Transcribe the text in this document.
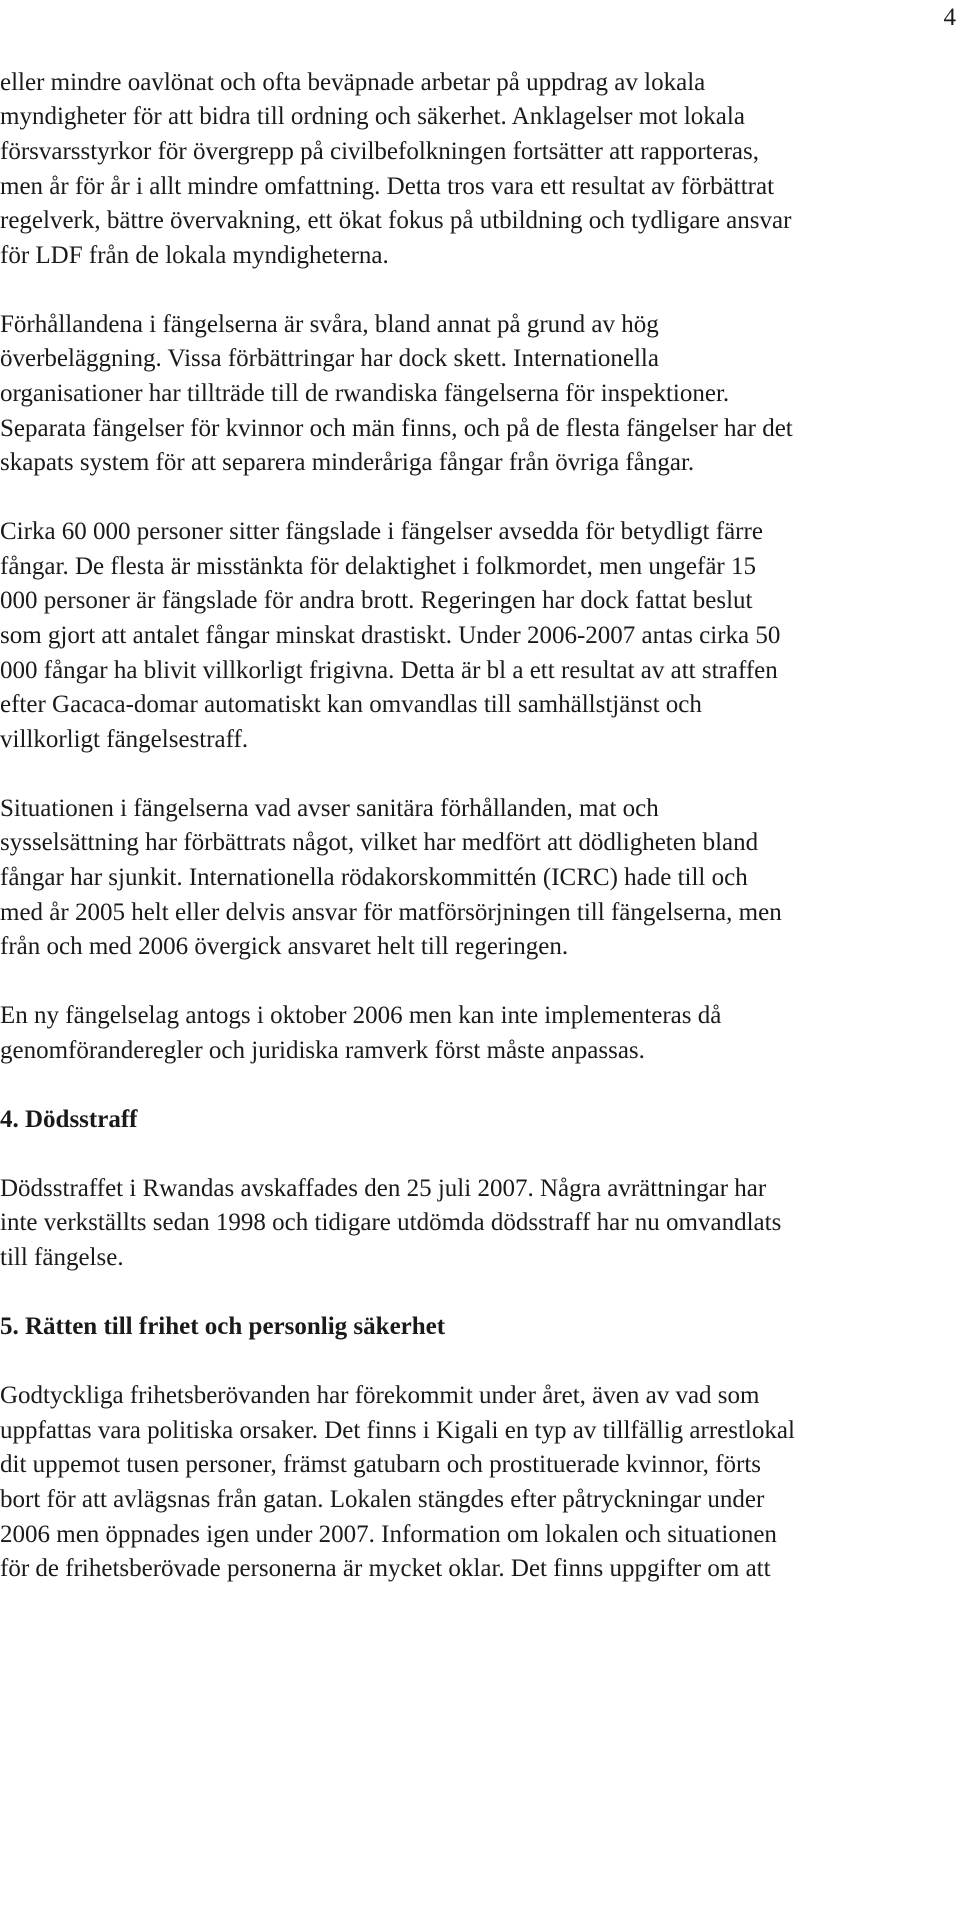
4
eller mindre oavlönat och ofta beväpnade arbetar på uppdrag av lokala
myndigheter för att bidra till ordning och säkerhet. Anklagelser mot lokala
försvarsstyrkor för övergrepp på civilbefolkningen fortsätter att rapporteras,
men år för år i allt mindre omfattning. Detta tros vara ett resultat av förbättrat
regelverk, bättre övervakning, ett ökat fokus på utbildning och tydligare ansvar
för LDF från de lokala myndigheterna.
Förhållandena i fängelserna är svåra, bland annat på grund av hög
överbeläggning. Vissa förbättringar har dock skett. Internationella
organisationer har tillträde till de rwandiska fängelserna för inspektioner.
Separata fängelser för kvinnor och män finns, och på de flesta fängelser har det
skapats system för att separera minderåriga fångar från övriga fångar.
Cirka 60 000 personer sitter fängslade i fängelser avsedda för betydligt färre
fångar. De flesta är misstänkta för delaktighet i folkmordet, men ungefär 15
000 personer är fängslade för andra brott. Regeringen har dock fattat beslut
som gjort att antalet fångar minskat drastiskt. Under 2006-2007 antas cirka 50
000 fångar ha blivit villkorligt frigivna. Detta är bl a ett resultat av att straffen
efter Gacaca-domar automatiskt kan omvandlas till samhällstjänst och
villkorligt fängelsestraff.
Situationen i fängelserna vad avser sanitära förhållanden, mat och
sysselsättning har förbättrats något, vilket har medfört att dödligheten bland
fångar har sjunkit. Internationella rödakorskommittén (ICRC) hade till och
med år 2005 helt eller delvis ansvar för matförsörjningen till fängelserna, men
från och med 2006 övergick ansvaret helt till regeringen.
En ny fängelselag antogs i oktober 2006 men kan inte implementeras då
genomföranderegler och juridiska ramverk först måste anpassas.
4. Dödsstraff
Dödsstraffet i Rwandas avskaffades den 25 juli 2007. Några avrättningar har
inte verkställts sedan 1998 och tidigare utdömda dödsstraff har nu omvandlats
till fängelse.
5. Rätten till frihet och personlig säkerhet
Godtyckliga frihetsberövanden har förekommit under året, även av vad som
uppfattas vara politiska orsaker. Det finns i Kigali en typ av tillfällig arrestlokal
dit uppemot tusen personer, främst gatubarn och prostituerade kvinnor, förts
bort för att avlägsnas från gatan. Lokalen stängdes efter påtryckningar under
2006 men öppnades igen under 2007. Information om lokalen och situationen
för de frihetsberövade personerna är mycket oklar. Det finns uppgifter om att
